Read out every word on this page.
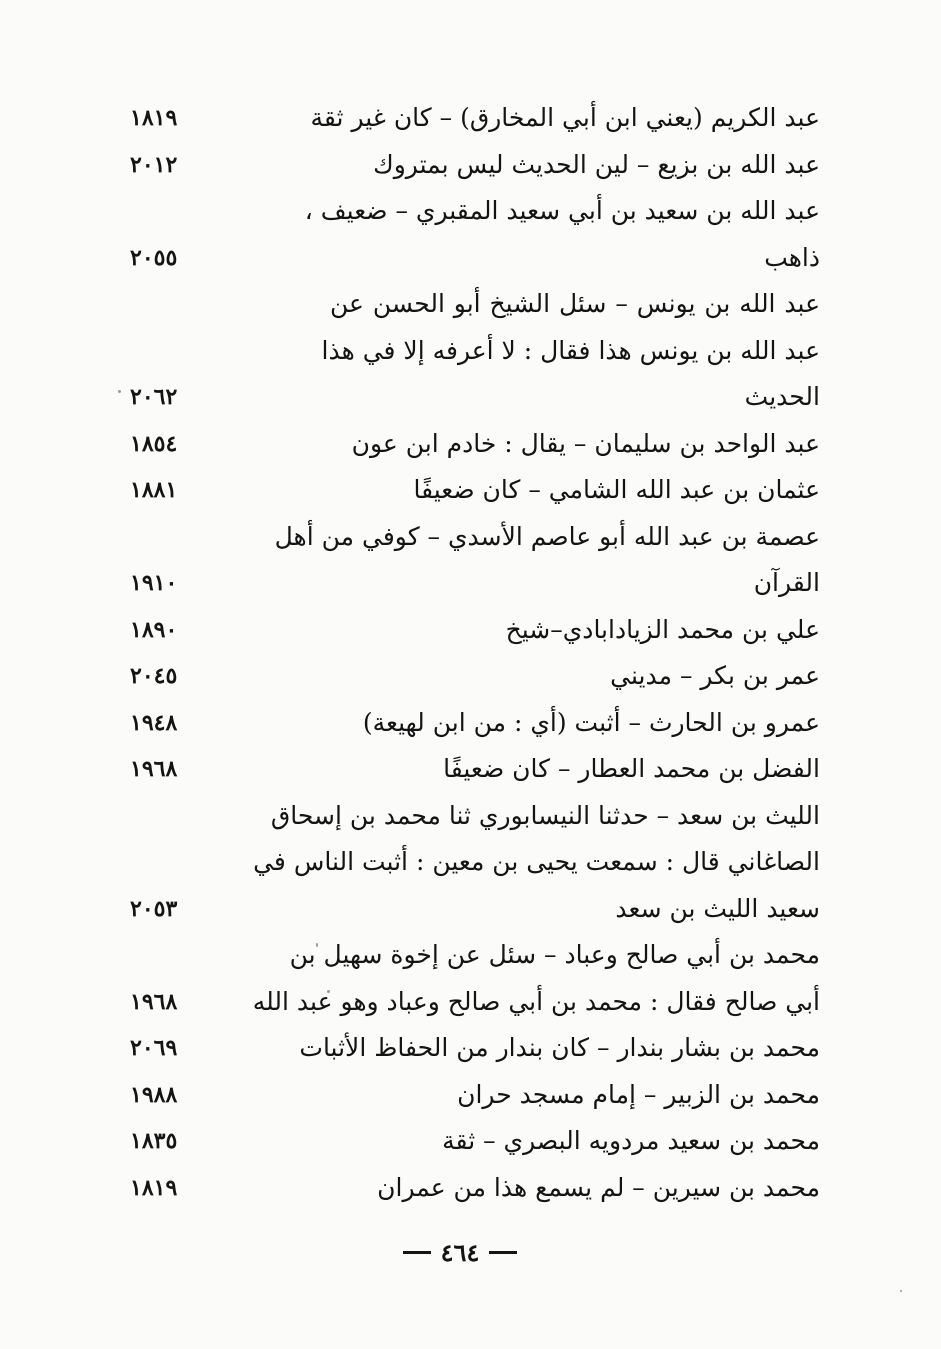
عبد الكريم (يعني ابن أبي المخارق) – كان غير ثقة
١٨١٩
عبد الله بن بزيع – لين الحديث ليس بمتروك
٢٠١٢
عبد الله بن سعيد بن أبي سعيد المقبري – ضعيف ،
ذاهب
٢٠٥٥
عبد الله بن يونس – سئل الشيخ أبو الحسن عن
عبد الله بن يونس هذا فقال : لا أعرفه إلا في هذا
الحديث
٢٠٦٢
عبد الواحد بن سليمان – يقال : خادم ابن عون
١٨٥٤
عثمان بن عبد الله الشامي – كان ضعيفًا
١٨٨١
عصمة بن عبد الله أبو عاصم الأسدي – كوفي من أهل
القرآن
١٩١٠
علي بن محمد الزيادابادي–شيخ
١٨٩٠
عمر بن بكر – مديني
٢٠٤٥
عمرو بن الحارث – أثبت (أي : من ابن لهيعة)
١٩٤٨
الفضل بن محمد العطار – كان ضعيفًا
١٩٦٨
الليث بن سعد – حدثنا النيسابوري ثنا محمد بن إسحاق
الصاغاني قال : سمعت يحيى بن معين : أثبت الناس في
سعيد الليث بن سعد
٢٠٥٣
محمد بن أبي صالح وعباد – سئل عن إخوة سهيل بن
أبي صالح فقال : محمد بن أبي صالح وعباد وهو عبد الله
١٩٦٨
محمد بن بشار بندار – كان بندار من الحفاظ الأثبات
٢٠٦٩
محمد بن الزبير – إمام مسجد حران
١٩٨٨
محمد بن سعيد مردويه البصري – ثقة
١٨٣٥
محمد بن سيرين – لم يسمع هذا من عمران
١٨١٩
٤٦٤
